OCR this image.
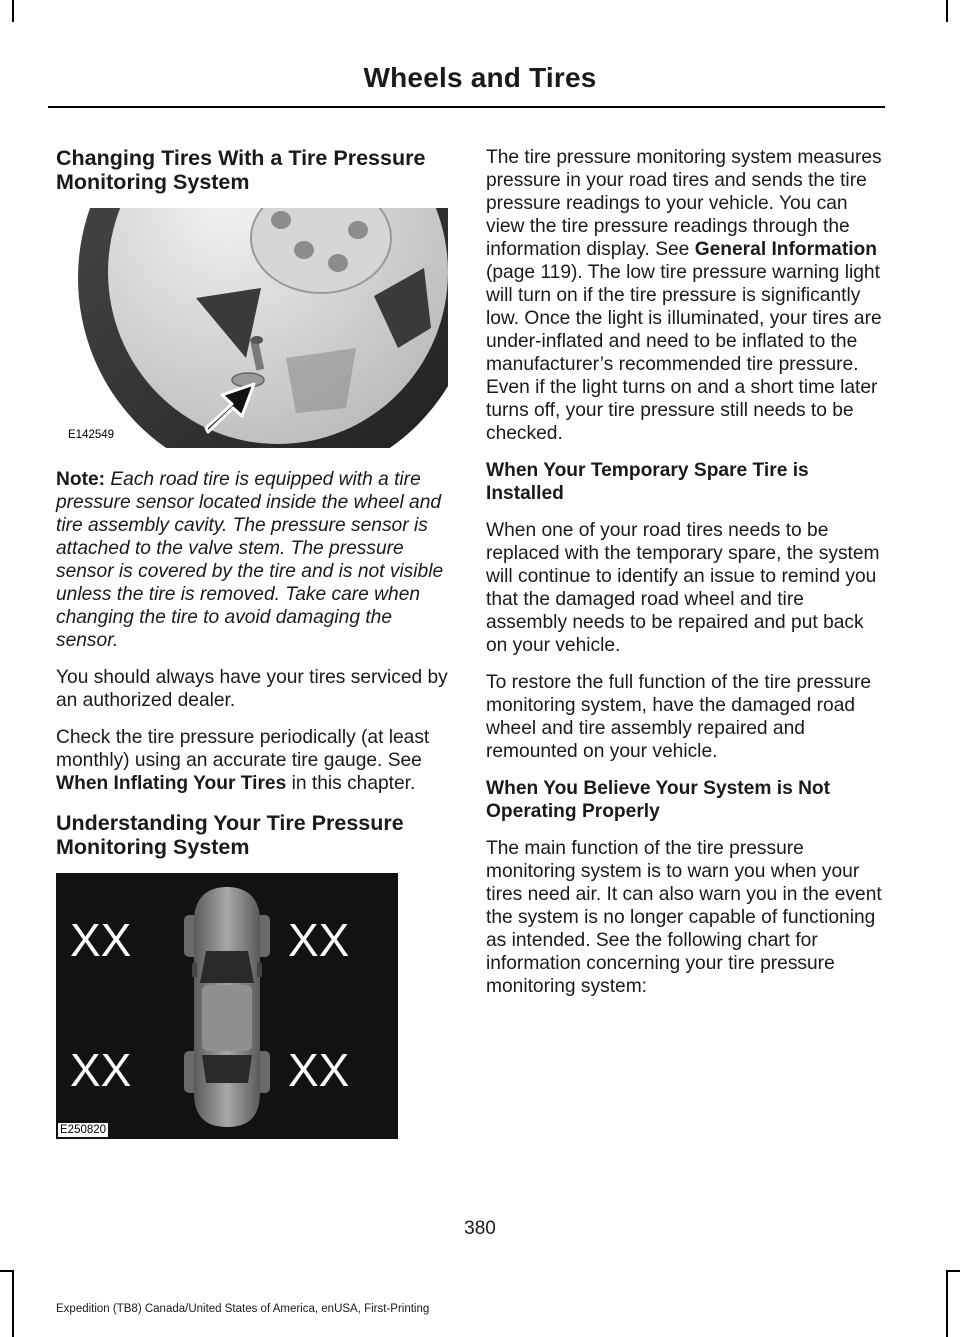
Wheels and Tires
Changing Tires With a Tire Pressure Monitoring System
E142549

Note: Each road tire is equipped with a tire pressure sensor located inside the wheel and tire assembly cavity. The pressure sensor is attached to the valve stem. The pressure sensor is covered by the tire and is not visible unless the tire is removed. Take care when changing the tire to avoid damaging the sensor.

You should always have your tires serviced by an authorized dealer.

Check the tire pressure periodically (at least monthly) using an accurate tire gauge. See When Inflating Your Tires in this chapter.

Understanding Your Tire Pressure Monitoring System
XX	XX
XX	XX
E250820

The tire pressure monitoring system measures pressure in your road tires and sends the tire pressure readings to your vehicle. You can view the tire pressure readings through the information display. See General Information (page 119). The low tire pressure warning light will turn on if the tire pressure is significantly low. Once the light is illuminated, your tires are under-inflated and need to be inflated to the manufacturer’s recommended tire pressure. Even if the light turns on and a short time later turns off, your tire pressure still needs to be checked.

When Your Temporary Spare Tire is Installed

When one of your road tires needs to be replaced with the temporary spare, the system will continue to identify an issue to remind you that the damaged road wheel and tire assembly needs to be repaired and put back on your vehicle.

To restore the full function of the tire pressure monitoring system, have the damaged road wheel and tire assembly repaired and remounted on your vehicle.

When You Believe Your System is Not Operating Properly

The main function of the tire pressure monitoring system is to warn you when your tires need air. It can also warn you in the event the system is no longer capable of functioning as intended. See the following chart for information concerning your tire pressure monitoring system:

380
Expedition (TB8) Canada/United States of America, enUSA, First-Printing
